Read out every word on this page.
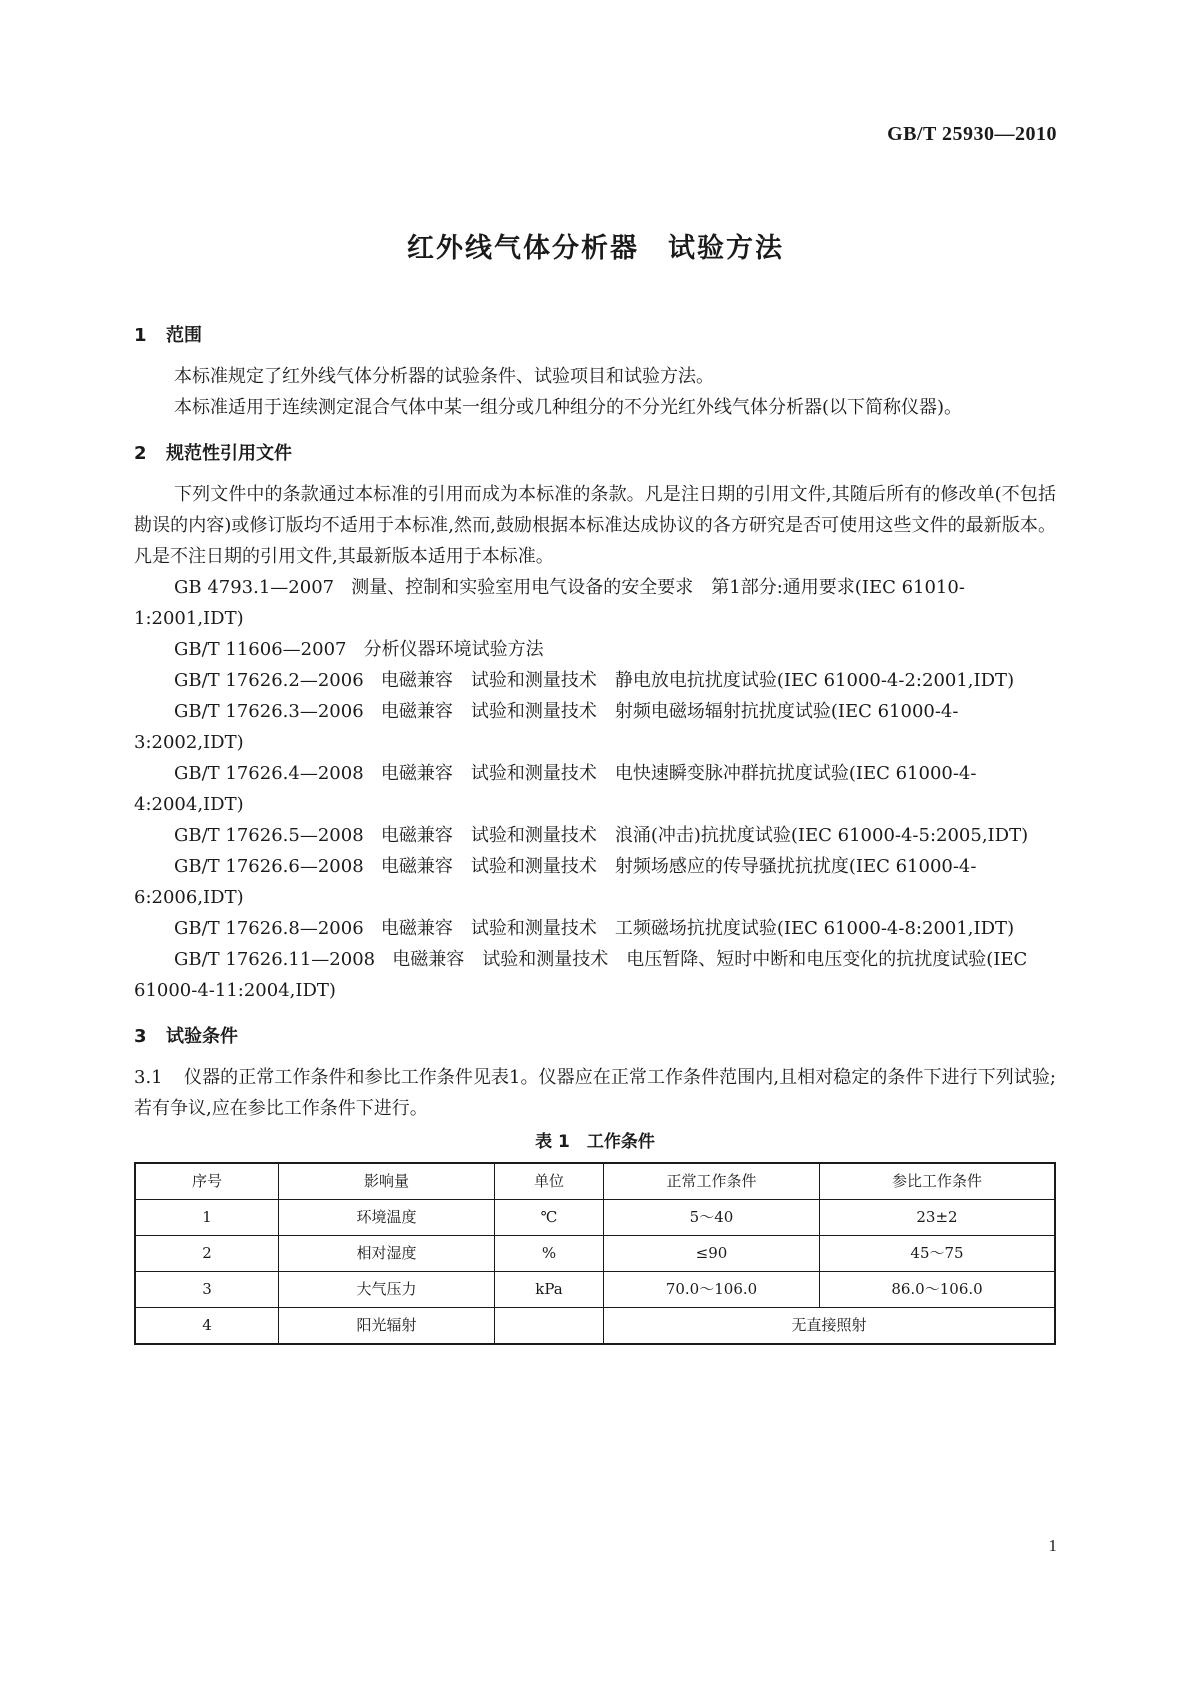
GB/T 25930—2010
红外线气体分析器　试验方法

1 范围

本标准规定了红外线气体分析器的试验条件、试验项目和试验方法。

本标准适用于连续测定混合气体中某一组分或几种组分的不分光红外线气体分析器(以下简称仪器)。

2 规范性引用文件

下列文件中的条款通过本标准的引用而成为本标准的条款。凡是注日期的引用文件,其随后所有的修改单(不包括勘误的内容)或修订版均不适用于本标准,然而,鼓励根据本标准达成协议的各方研究是否可使用这些文件的最新版本。凡是不注日期的引用文件,其最新版本适用于本标准。

GB 4793.1—2007 测量、控制和实验室用电气设备的安全要求　第1部分:通用要求(IEC 61010-1:2001,IDT)

GB/T 11606—2007 分析仪器环境试验方法

GB/T 17626.2—2006 电磁兼容　试验和测量技术　静电放电抗扰度试验(IEC 61000-4-2:2001,IDT)

GB/T 17626.3—2006 电磁兼容　试验和测量技术　射频电磁场辐射抗扰度试验(IEC 61000-4-3:2002,IDT)

GB/T 17626.4—2008 电磁兼容　试验和测量技术　电快速瞬变脉冲群抗扰度试验(IEC 61000-4-4:2004,IDT)

GB/T 17626.5—2008 电磁兼容　试验和测量技术　浪涌(冲击)抗扰度试验(IEC 61000-4-5:2005,IDT)

GB/T 17626.6—2008 电磁兼容　试验和测量技术　射频场感应的传导骚扰抗扰度(IEC 61000-4-6:2006,IDT)

GB/T 17626.8—2006 电磁兼容　试验和测量技术　工频磁场抗扰度试验(IEC 61000-4-8:2001,IDT)

GB/T 17626.11—2008 电磁兼容　试验和测量技术　电压暂降、短时中断和电压变化的抗扰度试验(IEC 61000-4-11:2004,IDT)

3 试验条件

3.1 仪器的正常工作条件和参比工作条件见表1。仪器应在正常工作条件范围内,且相对稳定的条件下进行下列试验;若有争议,应在参比工作条件下进行。

表 1　工作条件
序号	影响量	单位	正常工作条件	参比工作条件
1	环境温度	℃	5～40	23±2
2	相对湿度	%	≤90	45～75
3	大气压力	kPa	70.0～106.0	86.0～106.0
4	阳光辐射		无直接照射	
1
